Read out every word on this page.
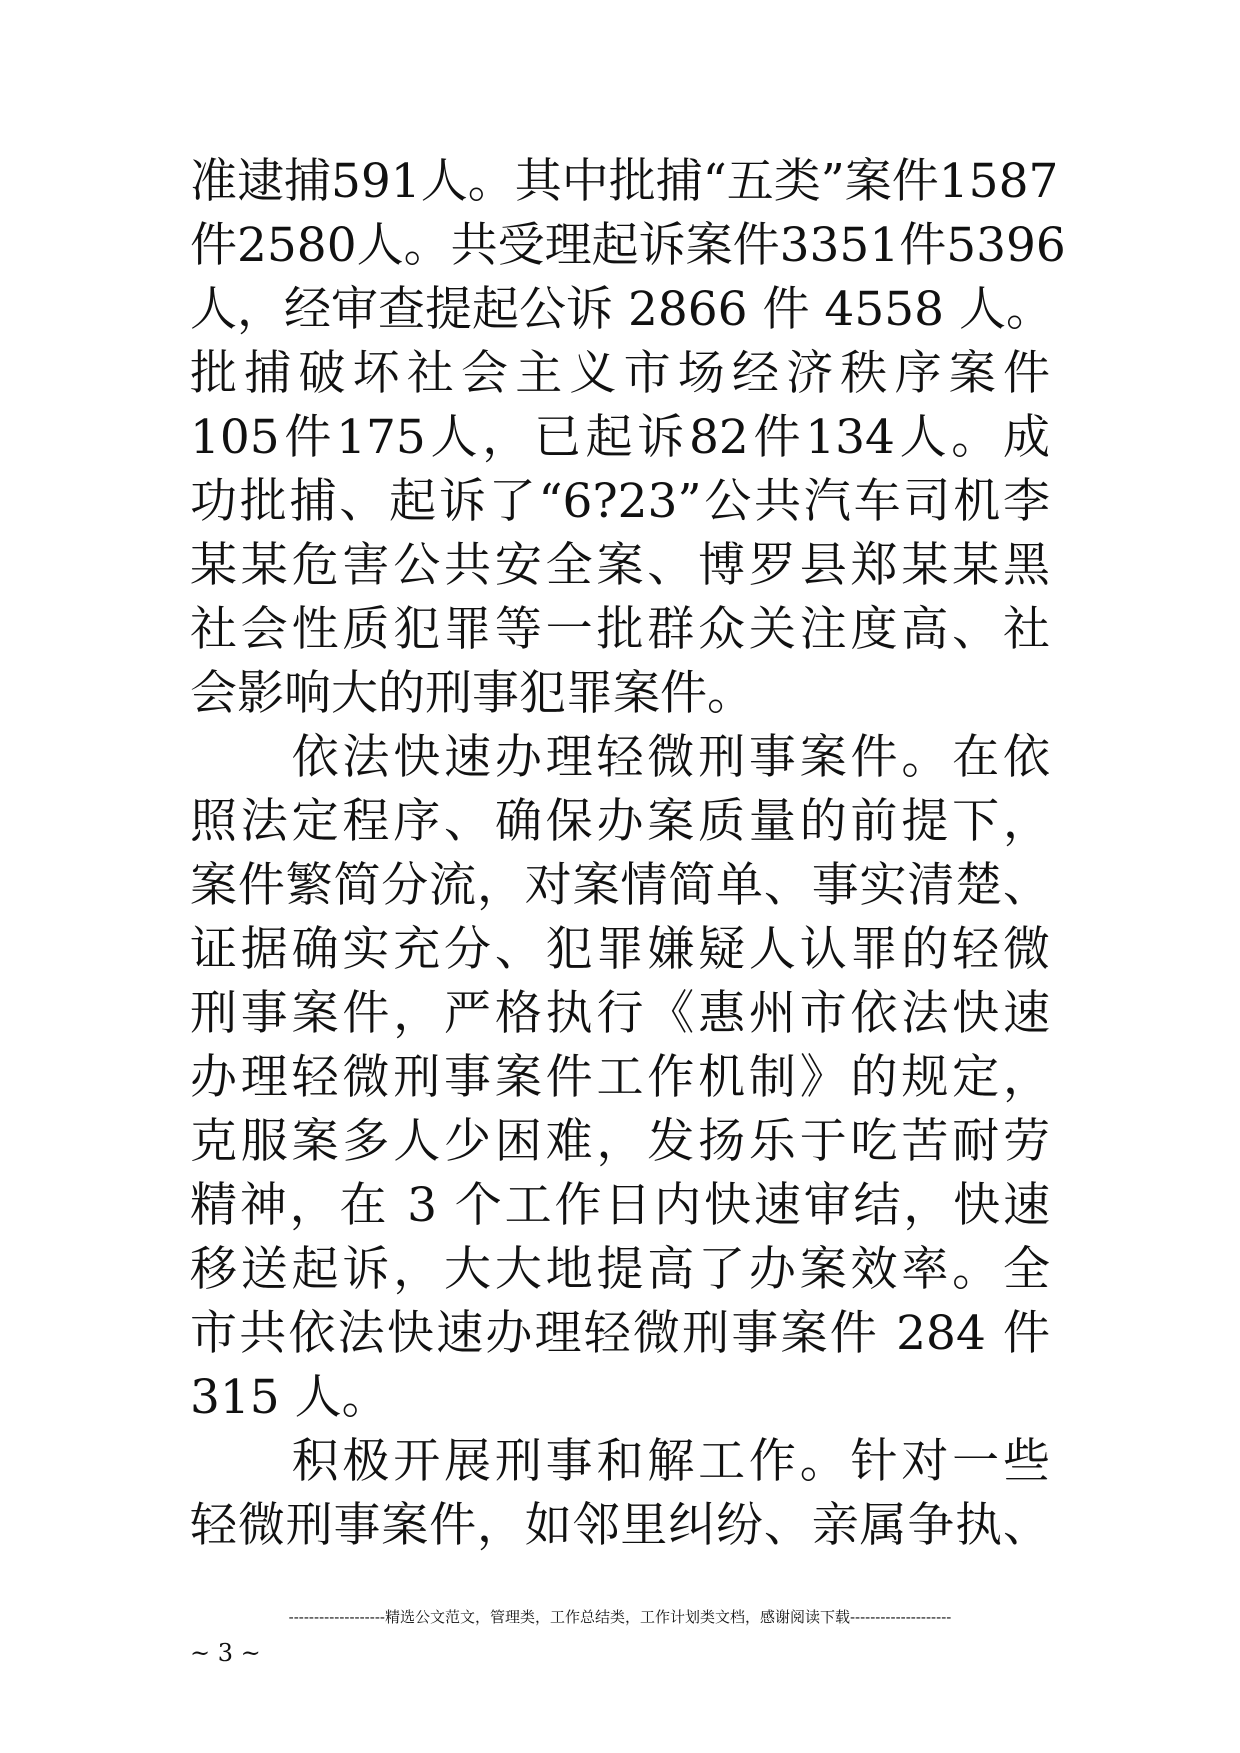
准逮捕591人。其中批捕“五类”案件1587
件2580人。共受理起诉案件3351件5396
人，经审查提起公诉 2866 件 4558 人。
批捕破坏社会主义市场经济秩序案件
105件175人，已起诉82件134人。成
功批捕、起诉了“6?23”公共汽车司机李
某某危害公共安全案、博罗县郑某某黑
社会性质犯罪等一批群众关注度高、社
会影响大的刑事犯罪案件。
　　依法快速办理轻微刑事案件。在依
照法定程序、确保办案质量的前提下，
案件繁简分流，对案情简单、事实清楚、
证据确实充分、犯罪嫌疑人认罪的轻微
刑事案件，严格执行《惠州市依法快速
办理轻微刑事案件工作机制》的规定，
克服案多人少困难，发扬乐于吃苦耐劳
精神，在 3 个工作日内快速审结，快速
移送起诉，大大地提高了办案效率。全
市共依法快速办理轻微刑事案件 284 件
315 人。
　　积极开展刑事和解工作。针对一些
轻微刑事案件，如邻里纠纷、亲属争执、
-------------------精选公文范文，管理类，工作总结类，工作计划类文档，感谢阅读下载--------------------
~ 3 ~
